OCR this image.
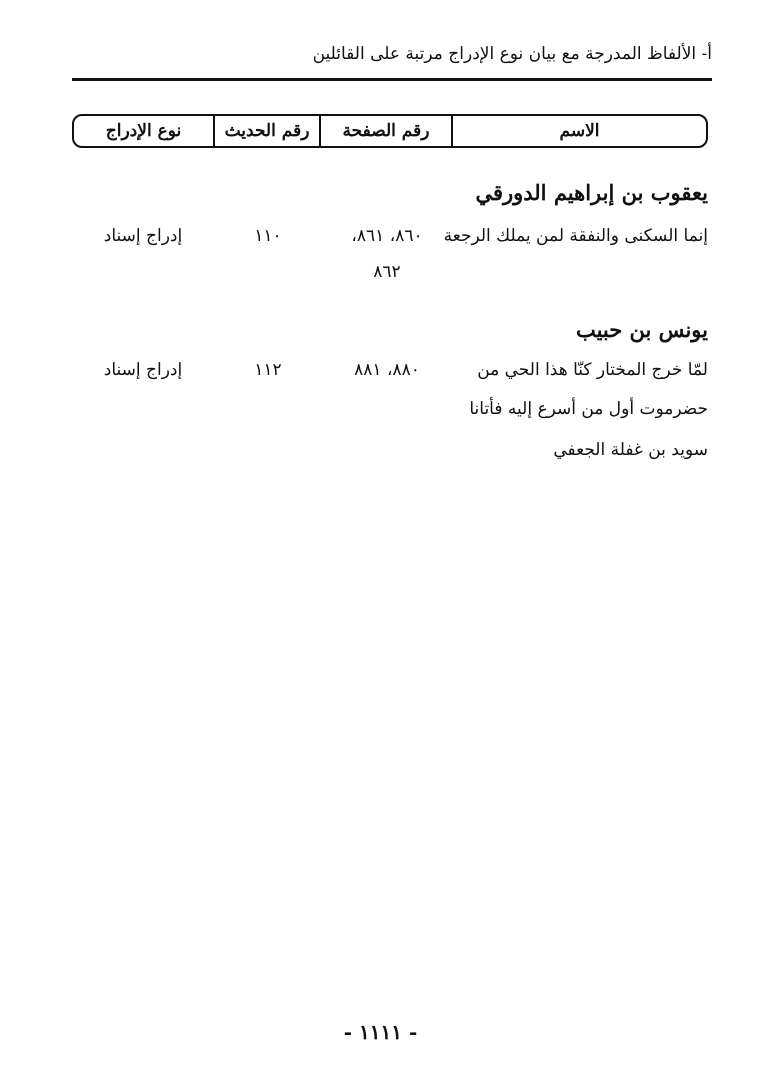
أ- الألفاظ المدرجة مع بيان نوع الإدراج مرتبة على القائلين
الاسم
رقم الصفحة
رقم الحديث
نوع الإدراج
يعقوب بن إبراهيم الدورقي
إنما السكنى والنفقة لمن يملك الرجعة
٨٦٠، ٨٦١،
١١٠
إدراج إسناد
٨٦٢
يونس بن حبيب
لمّا خرج المختار كنّا هذا الحي من
٨٨٠، ٨٨١
١١٢
إدراج إسناد
حضرموت أول من أسرع إليه فأتانا
سويد بن غفلة الجعفي
- ١١١١ -
